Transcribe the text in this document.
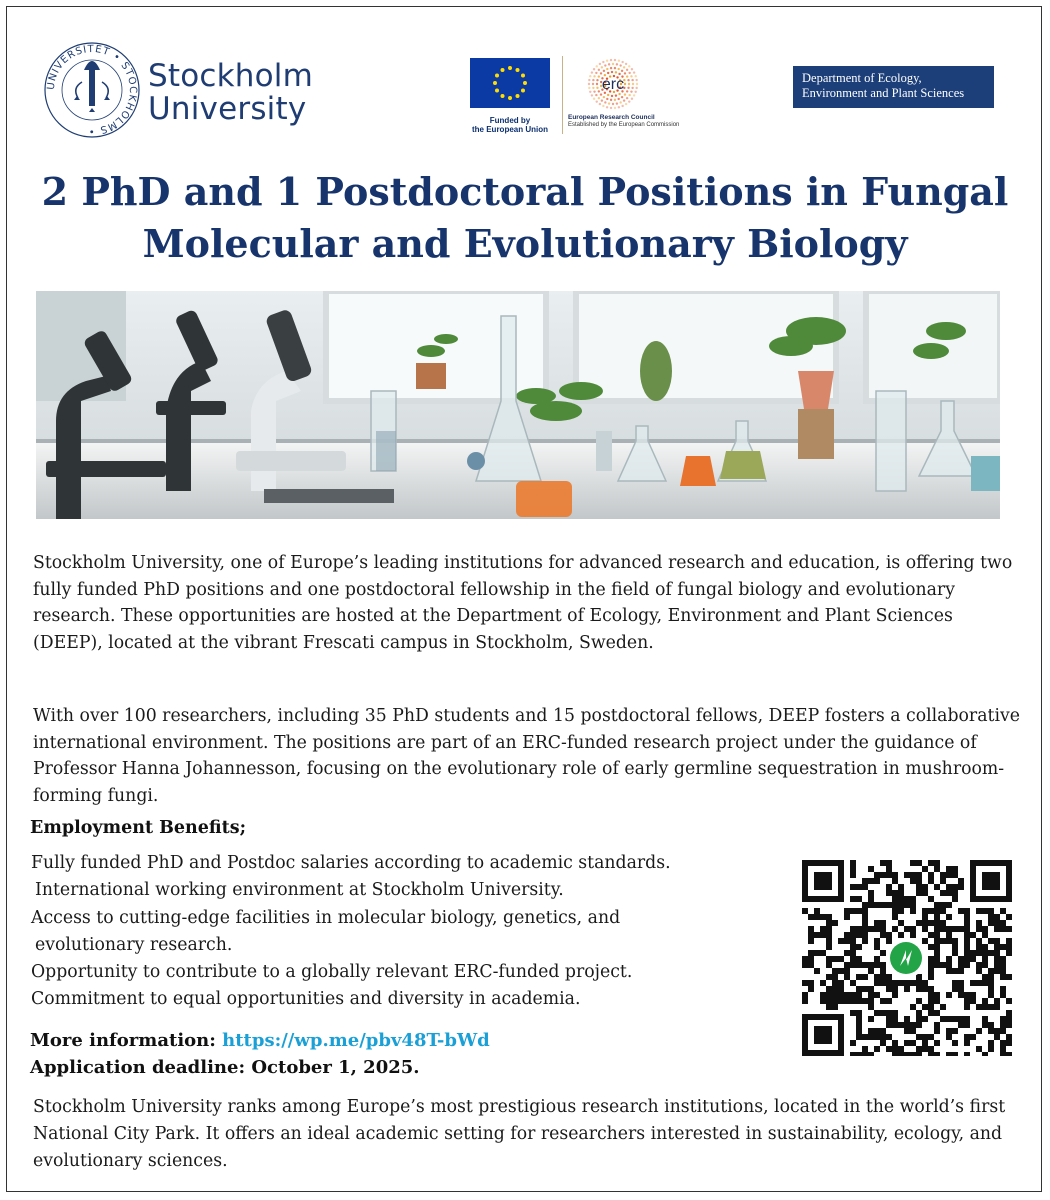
UNIVERSITET • STOCKHOLMS •
Stockholm
University	Funded by
the European Union
erc
European Research Council
Established by the European Commission
Department of Ecology,
Environment and Plant Sciences
2 PhD and 1 Postdoctoral Positions in Fungal
Molecular and Evolutionary Biology
Stockholm University, one of Europe’s leading institutions for advanced research and education, is offering two fully funded PhD positions and one postdoctoral fellowship in the field of fungal biology and evolutionary research. These opportunities are hosted at the Department of Ecology, Environment and Plant Sciences (DEEP), located at the vibrant Frescati campus in Stockholm, Sweden.
With over 100 researchers, including 35 PhD students and 15 postdoctoral fellows, DEEP fosters a collaborative international environment. The positions are part of an ERC-funded research project under the guidance of Professor Hanna Johannesson, focusing on the evolutionary role of early germline sequestration in mushroom-forming fungi.
Employment Benefits;
Fully funded PhD and Postdoc salaries according to academic standards.
International working environment at Stockholm University.
Access to cutting-edge facilities in molecular biology, genetics, and
evolutionary research.
Opportunity to contribute to a globally relevant ERC-funded project.
Commitment to equal opportunities and diversity in academia.
More information: https://wp.me/pbv48T-bWd
Application deadline: October 1, 2025.
Stockholm University ranks among Europe’s most prestigious research institutions, located in the world’s first National City Park. It offers an ideal academic setting for researchers interested in sustainability, ecology, and evolutionary sciences.
